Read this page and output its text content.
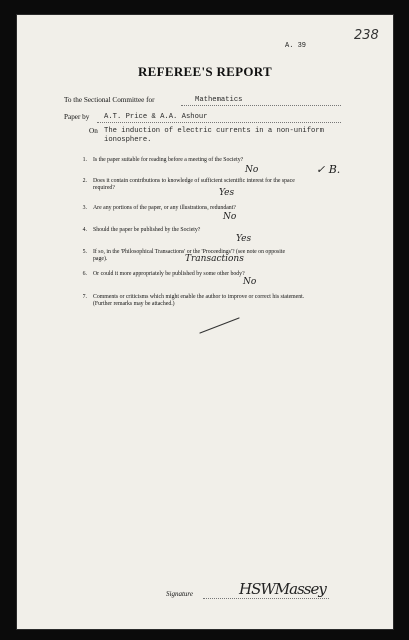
238
A. 39
REFEREE'S REPORT
To the Sectional Committee for	Mathematics
Paper by A.T. Price & A.A. Ashour
On The induction of electric currents in a non-uniform
ionosphere.
1. Is the paper suitable for reading before a meeting of the Society?
No	✓ B.
2. Does it contain contributions to knowledge of sufficient scientific interest for the space
required?	Yes
3. Are any portions of the paper, or any illustrations, redundant?
No
4. Should the paper be published by the Society?
Yes
5. If so, in the 'Philosophical Transactions' or the 'Proceedings'? (see note on opposite
page).	Transactions
6. Or could it more appropriately be published by some other body?
No
7. Comments or criticisms which might enable the author to improve or correct his statement.
(Further remarks may be attached.)
Signature	HSWMassey
